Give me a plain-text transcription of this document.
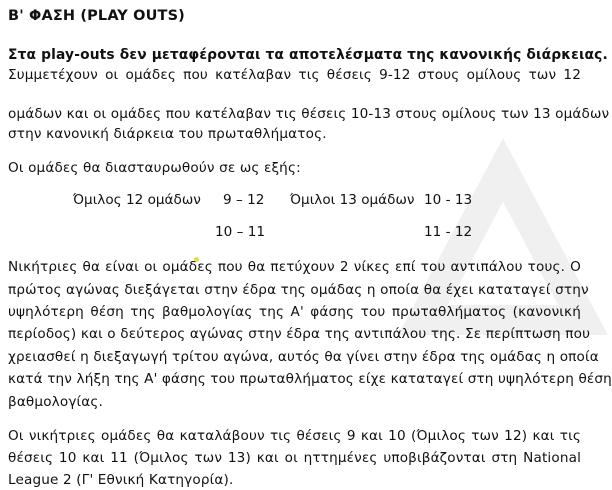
Β' ΦΑΣΗ (PLAY OUTS)
Στα play-outs δεν μεταφέρονται τα αποτελέσματα της κανονικής διάρκειας.
Συμμετέχουν οι ομάδες που κατέλαβαν τις θέσεις 9-12 στους ομίλους των 12
ομάδων και οι ομάδες που κατέλαβαν τις θέσεις 10-13 στους ομίλους των 13 ομάδων
στην κανονική διάρκεια του πρωταθλήματος.
Οι ομάδες θα διασταυρωθούν σε ως εξής:
Όμιλος 12 ομάδων 9 – 12 Όμιλοι 13 ομάδων 10 - 13
10 – 11	11 - 12
Νικήτριες θα είναι οι ομάδες που θα πετύχουν 2 νίκες επί του αντιπάλου τους. Ο
πρώτος αγώνας διεξάγεται στην έδρα της ομάδας η οποία θα έχει καταταγεί στην
υψηλότερη θέση της βαθμολογίας της Α' φάσης του πρωταθλήματος (κανονική
περίοδος) και ο δεύτερος αγώνας στην έδρα της αντιπάλου της. Σε περίπτωση που
χρειασθεί η διεξαγωγή τρίτου αγώνα, αυτός θα γίνει στην έδρα της ομάδας η οποία
κατά την λήξη της Α' φάσης του πρωταθλήματος είχε καταταγεί στη υψηλότερη θέση
βαθμολογίας.
Οι νικήτριες ομάδες θα καταλάβουν τις θέσεις 9 και 10 (Όμιλος των 12) και τις
θέσεις 10 και 11 (Όμιλος των 13) και οι ηττημένες υποβιβάζονται στη National
League 2 (Γ' Εθνική Κατηγορία).
